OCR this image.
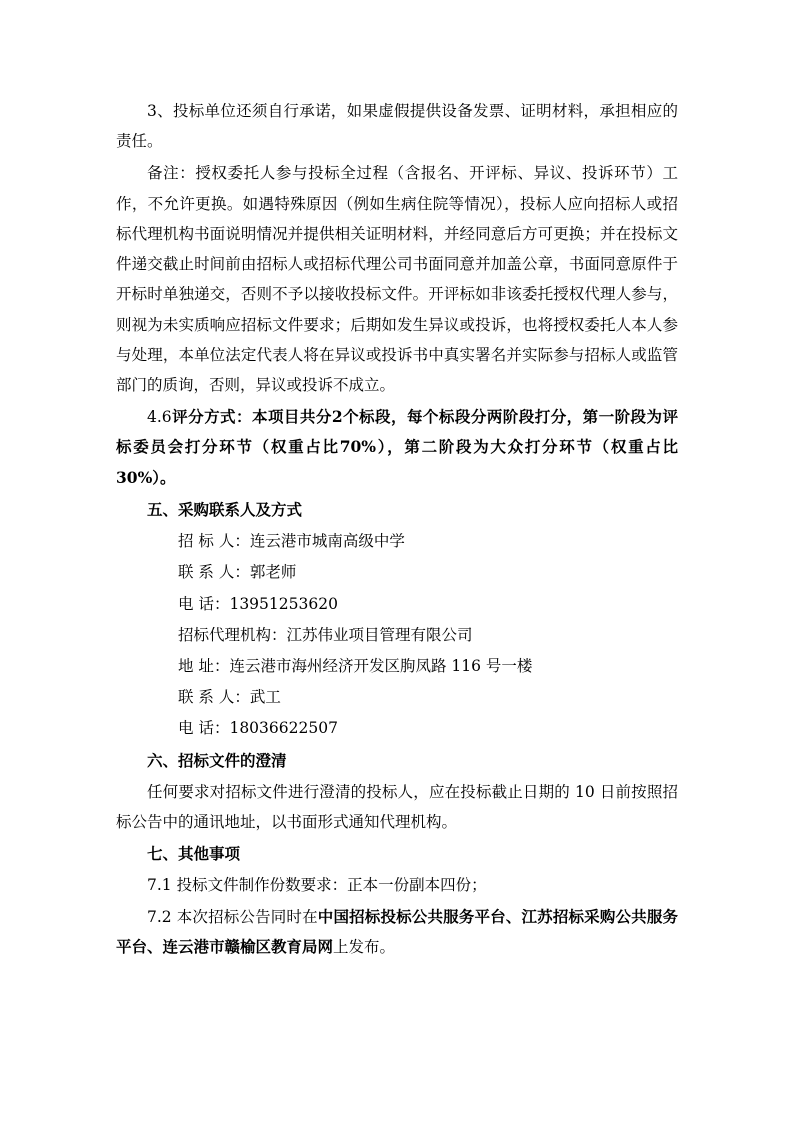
3、投标单位还须自行承诺，如果虚假提供设备发票、证明材料，承担相应的责任。

备注：授权委托人参与投标全过程（含报名、开评标、异议、投诉环节）工作，不允许更换。如遇特殊原因（例如生病住院等情况），投标人应向招标人或招标代理机构书面说明情况并提供相关证明材料，并经同意后方可更换；并在投标文件递交截止时间前由招标人或招标代理公司书面同意并加盖公章，书面同意原件于开标时单独递交，否则不予以接收投标文件。开评标如非该委托授权代理人参与，则视为未实质响应招标文件要求；后期如发生异议或投诉，也将授权委托人本人参与处理，本单位法定代表人将在异议或投诉书中真实署名并实际参与招标人或监管部门的质询，否则，异议或投诉不成立。

4.6评分方式：本项目共分2个标段，每个标段分两阶段打分，第一阶段为评标委员会打分环节（权重占比70%），第二阶段为大众打分环节（权重占比30%）。

五、采购联系人及方式

招 标 人：连云港市城南高级中学

联 系 人：郭老师

电 话：13951253620

招标代理机构：江苏伟业项目管理有限公司

地 址：连云港市海州经济开发区朐凤路 116 号一楼

联 系 人：武工

电 话：18036622507

六、招标文件的澄清

任何要求对招标文件进行澄清的投标人，应在投标截止日期的 10 日前按照招标公告中的通讯地址，以书面形式通知代理机构。

七、其他事项

7.1 投标文件制作份数要求：正本一份副本四份；

7.2 本次招标公告同时在中国招标投标公共服务平台、江苏招标采购公共服务平台、连云港市赣榆区教育局网上发布。
